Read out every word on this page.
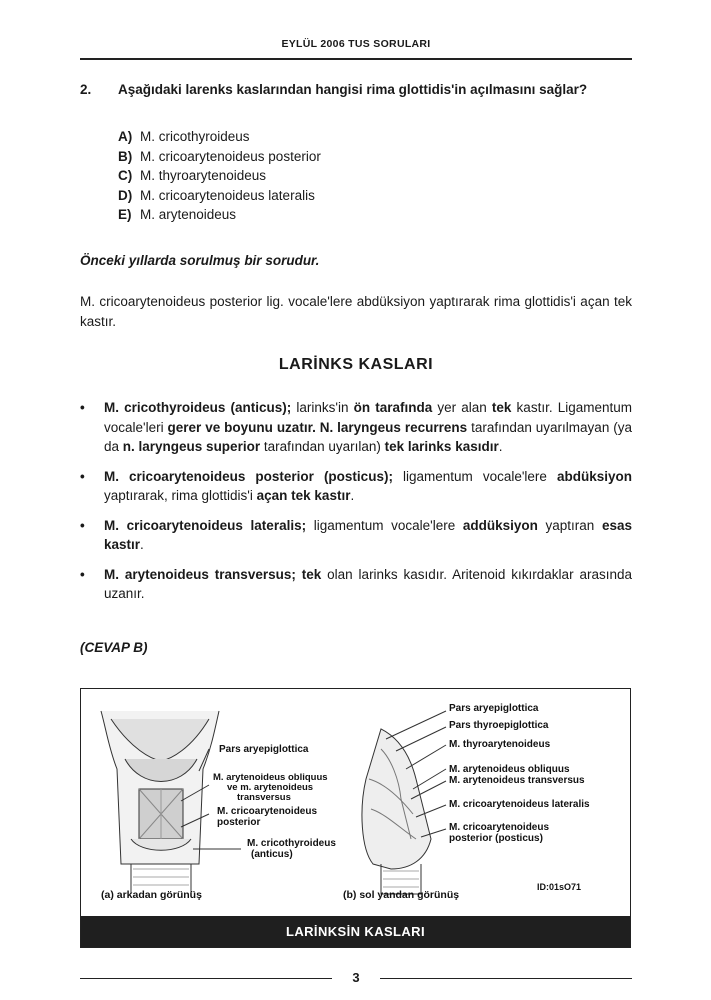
EYLÜL 2006 TUS SORULARI
2. Aşağıdaki larenks kaslarından hangisi rima glottidis'in açılmasını sağlar?
A) M. cricothyroideus
B) M. cricoarytenoideus posterior
C) M. thyroarytenoideus
D) M. cricoarytenoideus lateralis
E) M. arytenoideus
Önceki yıllarda sorulmuş bir sorudur.
M. cricoarytenoideus posterior lig. vocale'lere abdüksiyon yaptırarak rima glottidis'i açan tek kastır.
LARİNKS KASLARI
• M. cricothyroideus (anticus); larinks'in ön tarafında yer alan tek kastır. Ligamentum vocale'leri gerer ve boyunu uzatır. N. laryngeus recurrens tarafından uyarılmayan (ya da n. laryngeus superior tarafından uyarılan) tek larinks kasıdır.
• M. cricoarytenoideus posterior (posticus); ligamentum vocale'lere abdüksiyon yaptırarak, rima glottidis'i açan tek kastır.
• M. cricoarytenoideus lateralis; ligamentum vocale'lere addüksiyon yaptıran esas kastır.
• M. arytenoideus transversus; tek olan larinks kasıdır. Aritenoid kıkırdaklar arasında uzanır.
(CEVAP B)
Pars aryepiglottica
M. arytenoideus obliquus
ve m. arytenoideus
transversus
M. cricoarytenoideus
posterior
M. cricothyroideus
(anticus)
Pars aryepiglottica
Pars thyroepiglottica
M. thyroarytenoideus
M. arytenoideus obliquus
M. arytenoideus transversus
M. cricoarytenoideus lateralis
M. cricoarytenoideus
posterior (posticus)
(a) arkadan görünüş	(b) sol yandan görünüş
ID:01sO71
LARİNKSİN KASLARI
3
